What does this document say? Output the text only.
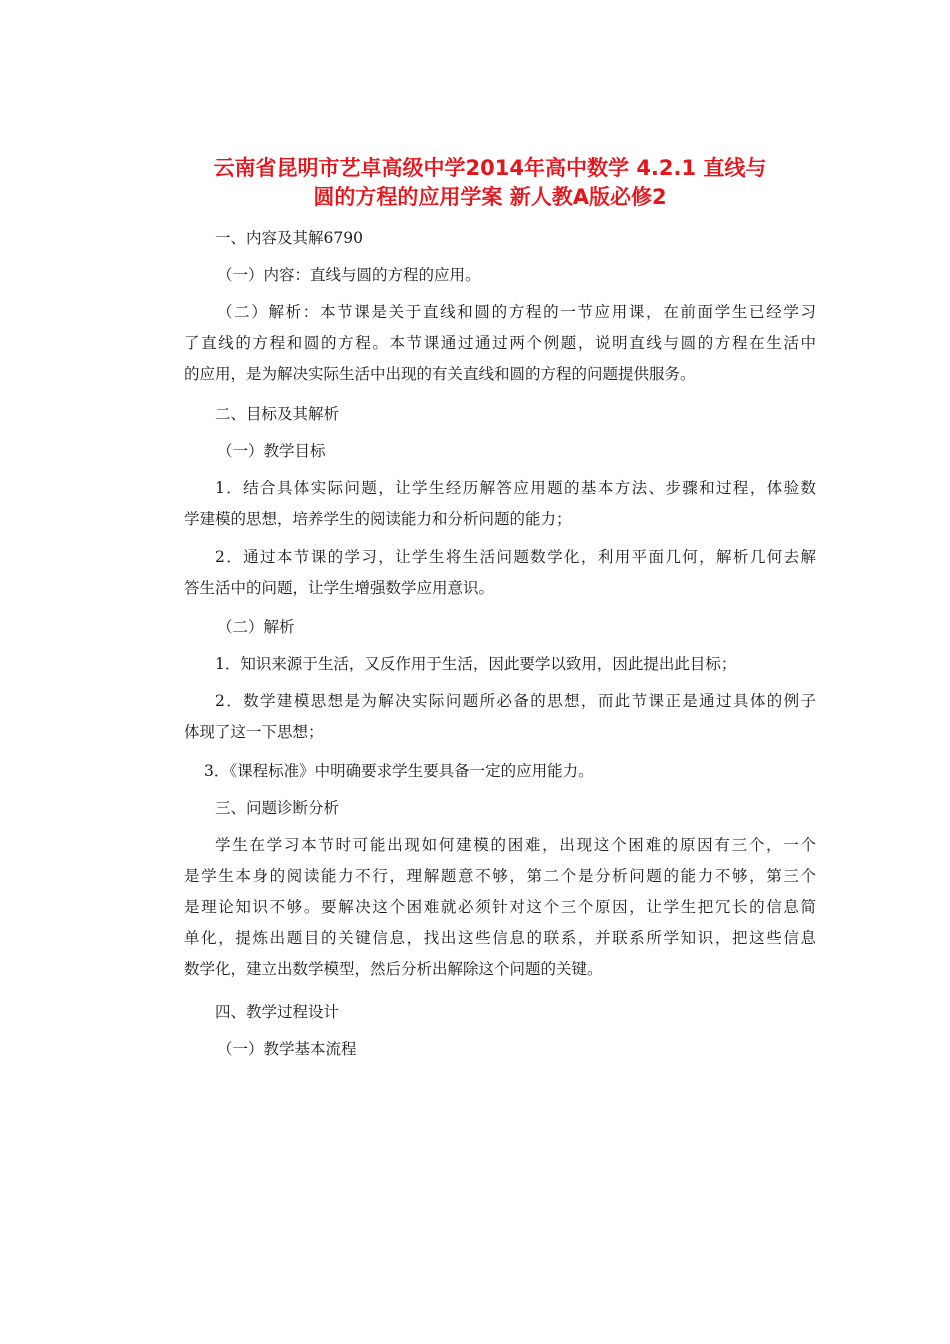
云南省昆明市艺卓高级中学2014年高中数学 4.2.1 直线与
圆的方程的应用学案 新人教A版必修2
一、内容及其解6790
（一）内容：直线与圆的方程的应用。
（二）解析：本节课是关于直线和圆的方程的一节应用课，在前面学生已经学习
了直线的方程和圆的方程。本节课通过通过两个例题，说明直线与圆的方程在生活中
的应用，是为解决实际生活中出现的有关直线和圆的方程的问题提供服务。
二、目标及其解析
（一）教学目标
1．结合具体实际问题，让学生经历解答应用题的基本方法、步骤和过程，体验数
学建模的思想，培养学生的阅读能力和分析问题的能力；
2．通过本节课的学习，让学生将生活问题数学化，利用平面几何，解析几何去解
答生活中的问题，让学生增强数学应用意识。
（二）解析
1．知识来源于生活，又反作用于生活，因此要学以致用，因此提出此目标；
2．数学建模思想是为解决实际问题所必备的思想，而此节课正是通过具体的例子
体现了这一下思想；
3．《课程标准》中明确要求学生要具备一定的应用能力。
三、问题诊断分析
学生在学习本节时可能出现如何建模的困难，出现这个困难的原因有三个，一个
是学生本身的阅读能力不行，理解题意不够，第二个是分析问题的能力不够，第三个
是理论知识不够。要解决这个困难就必须针对这个三个原因，让学生把冗长的信息简
单化，提炼出题目的关键信息，找出这些信息的联系，并联系所学知识，把这些信息
数学化，建立出数学模型，然后分析出解除这个问题的关键。
四、教学过程设计
（一）教学基本流程
